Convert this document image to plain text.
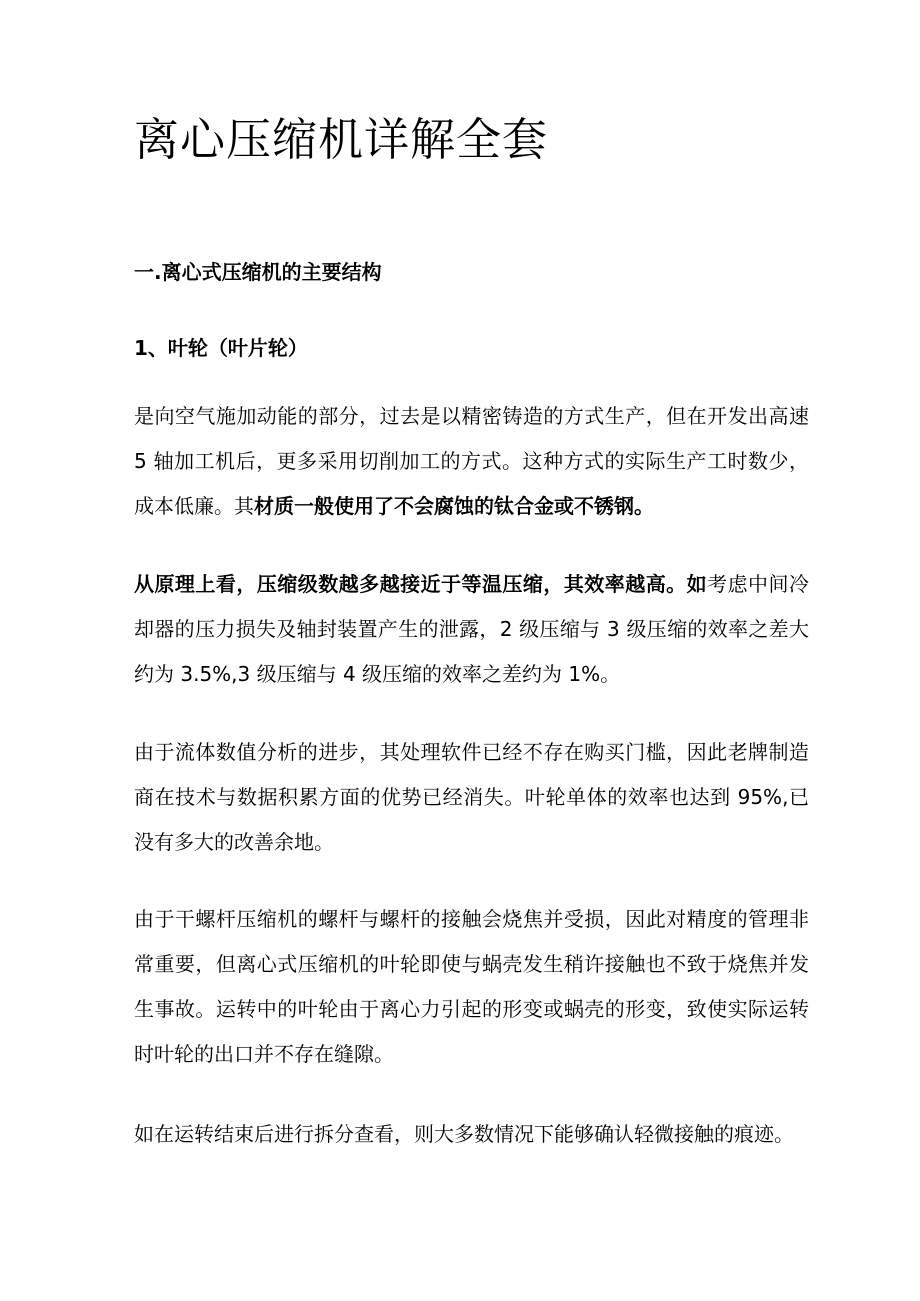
离心压缩机详解全套
一.离心式压缩机的主要结构
1、叶轮（叶片轮）

是向空气施加动能的部分，过去是以精密铸造的方式生产，但在开发出高速 5 轴加工机后，更多采用切削加工的方式。这种方式的实际生产工时数少，成本低廉。其材质一般使用了不会腐蚀的钛合金或不锈钢。

从原理上看，压缩级数越多越接近于等温压缩，其效率越高。如考虑中间冷却器的压力损失及轴封装置产生的泄露，2 级压缩与 3 级压缩的效率之差大约为 3.5%,3 级压缩与 4 级压缩的效率之差约为 1%。

由于流体数值分析的进步，其处理软件已经不存在购买门槛，因此老牌制造商在技术与数据积累方面的优势已经消失。叶轮单体的效率也达到 95%,已没有多大的改善余地。

由于干螺杆压缩机的螺杆与螺杆的接触会烧焦并受损，因此对精度的管理非常重要，但离心式压缩机的叶轮即使与蜗壳发生稍许接触也不致于烧焦并发生事故。运转中的叶轮由于离心力引起的形变或蜗壳的形变，致使实际运转时叶轮的出口并不存在缝隙。

如在运转结束后进行拆分查看，则大多数情况下能够确认轻微接触的痕迹。
